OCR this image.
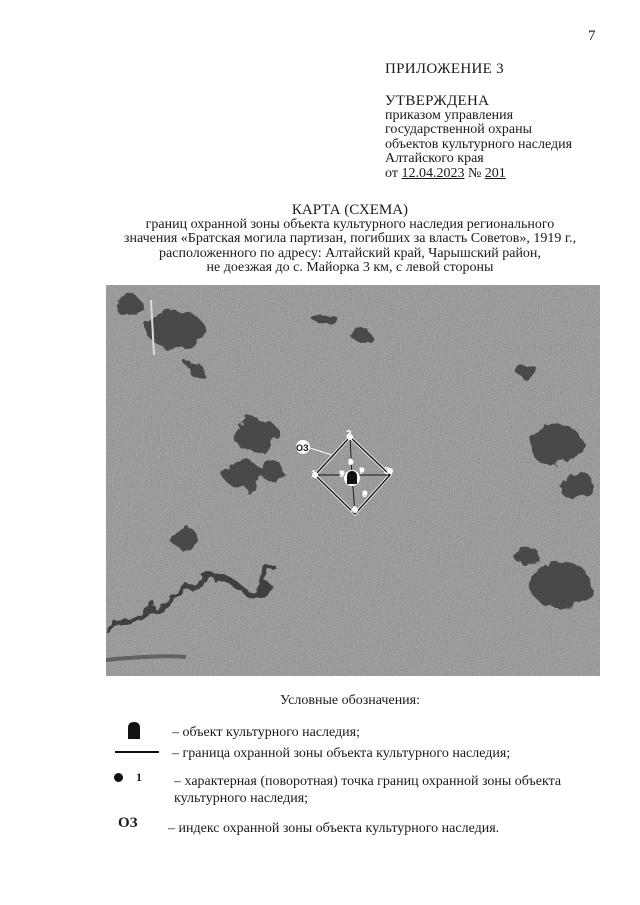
7
ПРИЛОЖЕНИЕ 3
УТВЕРЖДЕНА
приказом управления
государственной охраны
объектов культурного наследия
Алтайского края
от 12.04.2023 № 201
КАРТА (СХЕМА)
границ охранной зоны объекта культурного наследия регионального
значения «Братская могила партизан, погибших за власть Советов», 1919 г.,
расположенного по адресу: Алтайский край, Чарышский район,
не доезжая до с. Майорка 3 км, с левой стороны
2
1	3
4
5
6
7
8
ОЗ
Условные обозначения:
– объект культурного наследия;
– граница охранной зоны объекта культурного наследия;
1 – характерная (поворотная) точка границ охранной зоны объекта
культурного наследия;
ОЗ – индекс охранной зоны объекта культурного наследия.
